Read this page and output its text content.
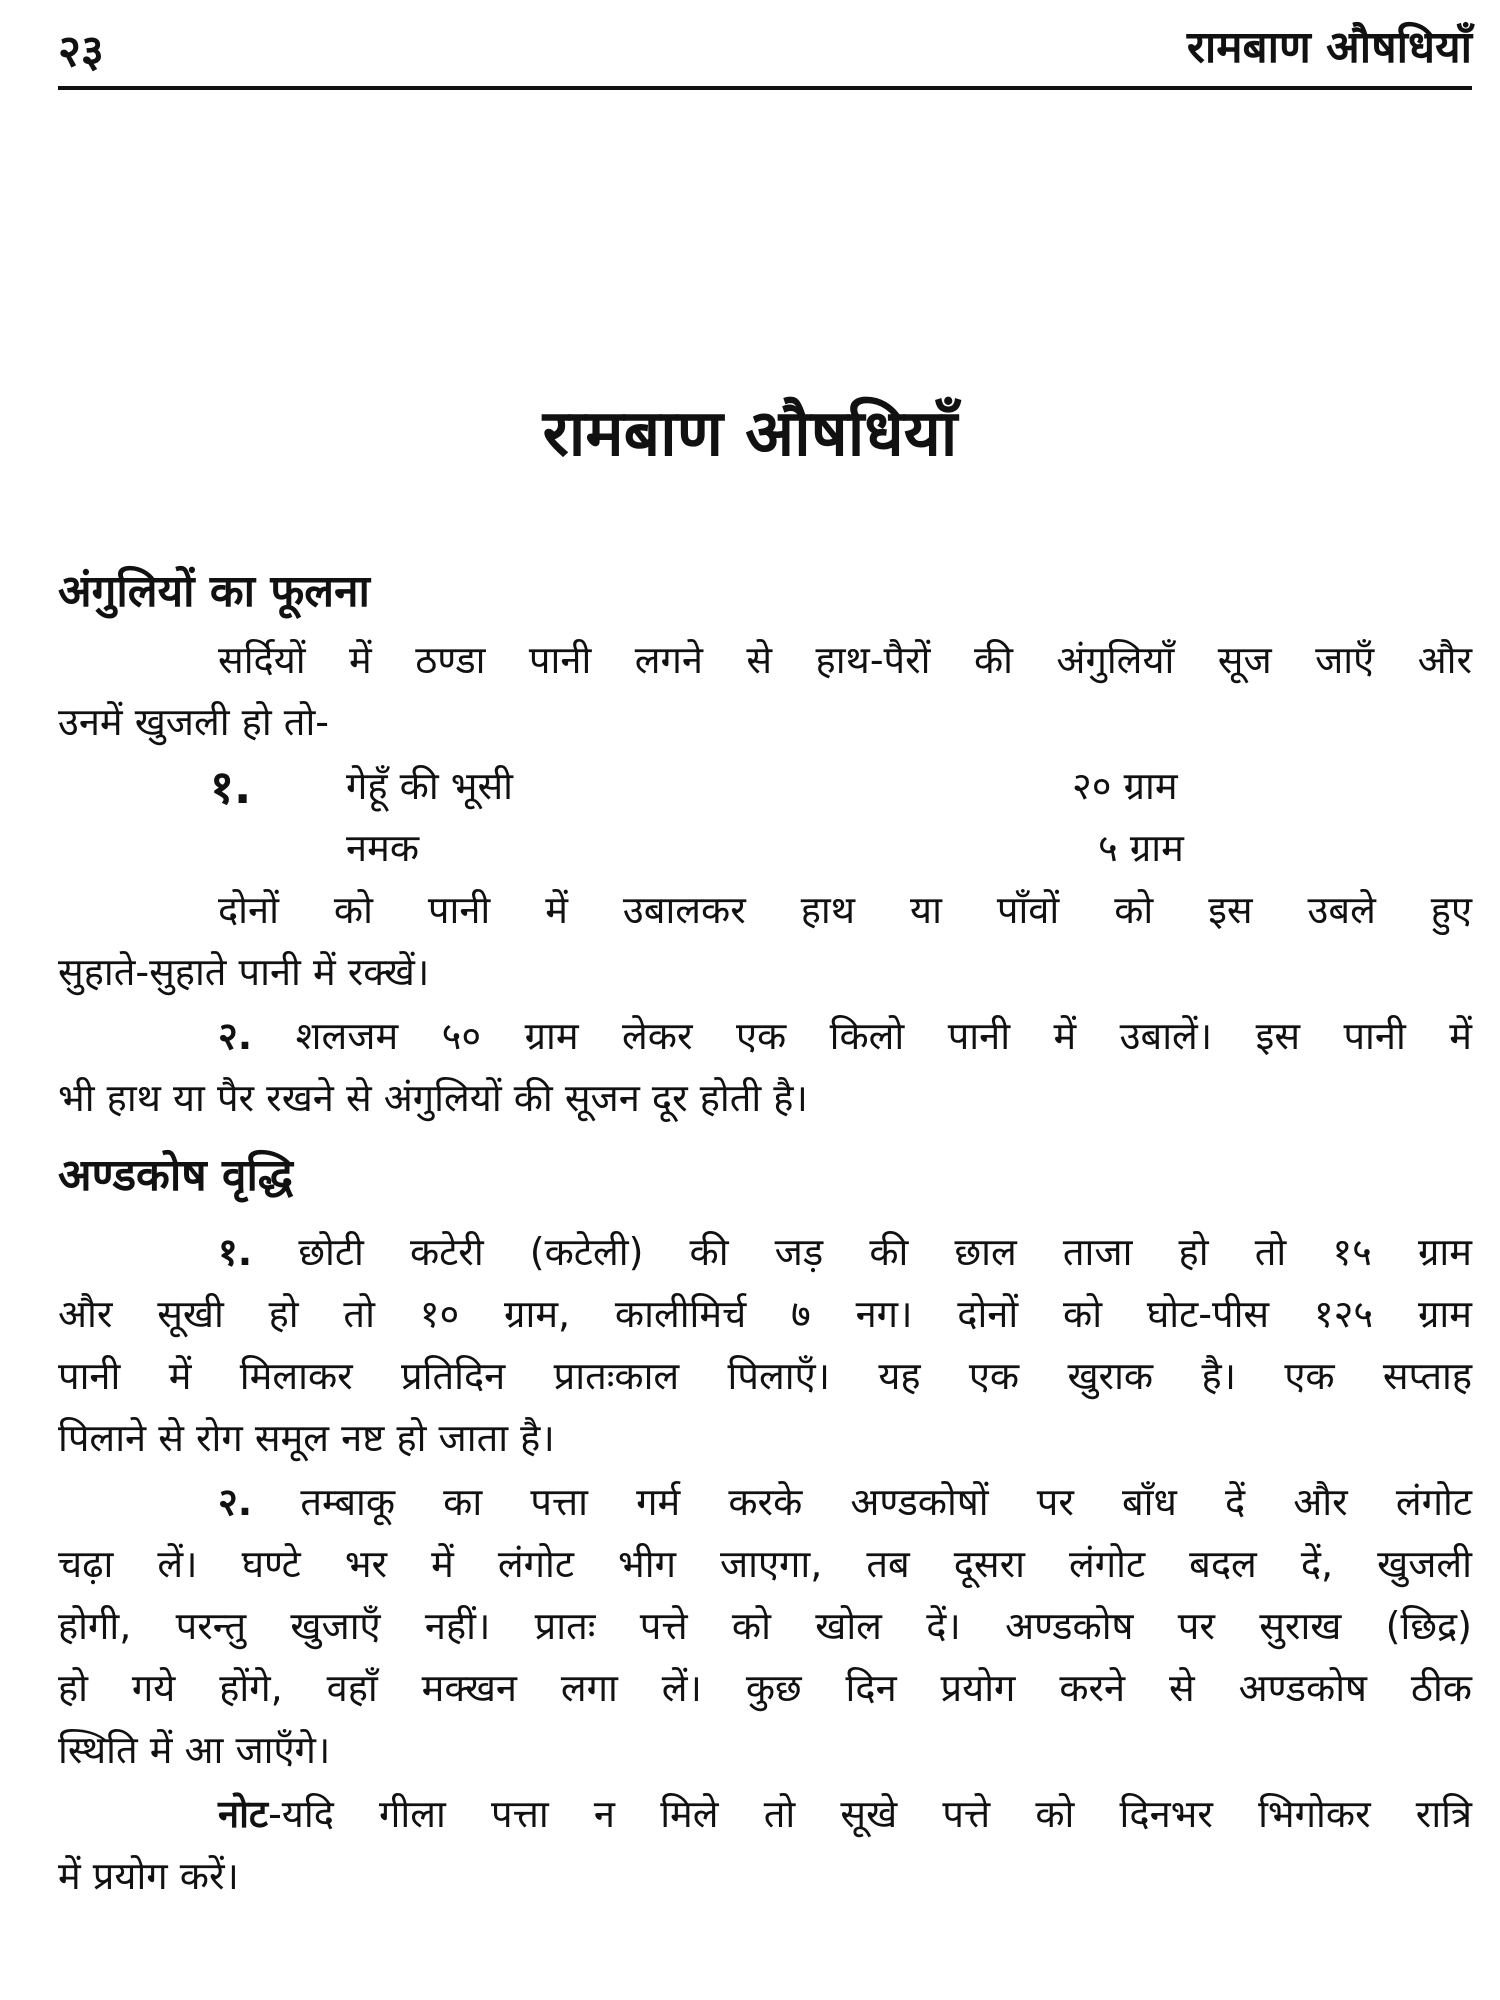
२३	रामबाण औषधियाँ
रामबाण औषधियाँ
अंगुलियों का फूलना
सर्दियों में ठण्डा पानी लगने से हाथ-पैरों की अंगुलियाँ सूज जाएँ और
उनमें खुजली हो तो-
१. गेहूँ की भूसी	२० ग्राम
नमक	५ ग्राम
दोनों को पानी में उबालकर हाथ या पाँवों को इस उबले हुए
सुहाते-सुहाते पानी में रक्खें।
२. शलजम ५० ग्राम लेकर एक किलो पानी में उबालें। इस पानी में
भी हाथ या पैर रखने से अंगुलियों की सूजन दूर होती है।
अण्डकोष वृद्धि
१. छोटी कटेरी (कटेली) की जड़ की छाल ताजा हो तो १५ ग्राम
और सूखी हो तो १० ग्राम, कालीमिर्च ७ नग। दोनों को घोट-पीस १२५ ग्राम
पानी में मिलाकर प्रतिदिन प्रातःकाल पिलाएँ। यह एक खुराक है। एक सप्ताह
पिलाने से रोग समूल नष्ट हो जाता है।
२. तम्बाकू का पत्ता गर्म करके अण्डकोषों पर बाँध दें और लंगोट
चढ़ा लें। घण्टे भर में लंगोट भीग जाएगा, तब दूसरा लंगोट बदल दें, खुजली
होगी, परन्तु खुजाएँ नहीं। प्रातः पत्ते को खोल दें। अण्डकोष पर सुराख (छिद्र)
हो गये होंगे, वहाँ मक्खन लगा लें। कुछ दिन प्रयोग करने से अण्डकोष ठीक
स्थिति में आ जाएँगे।
नोट-यदि गीला पत्ता न मिले तो सूखे पत्ते को दिनभर भिगोकर रात्रि
में प्रयोग करें।
